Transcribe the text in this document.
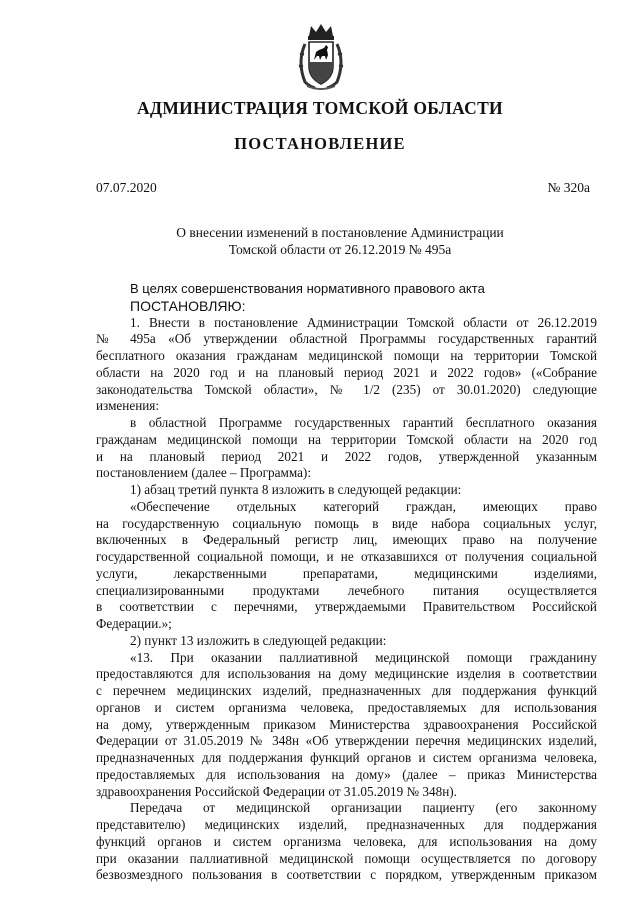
АДМИНИСТРАЦИЯ ТОМСКОЙ ОБЛАСТИ
ПОСТАНОВЛЕНИЕ
07.07.2020	№ 320а
О внесении изменений в постановление Администрации
Томской области от 26.12.2019 № 495а
В целях совершенствования нормативного правового акта
ПОСТАНОВЛЯЮ:
1. Внести в постановление Администрации Томской области от 26.12.2019
№ 495а «Об утверждении областной Программы государственных гарантий
бесплатного оказания гражданам медицинской помощи на территории Томской
области на 2020 год и на плановый период 2021 и 2022 годов» («Собрание
законодательства Томской области», № 1/2 (235) от 30.01.2020) следующие
изменения:
в областной Программе государственных гарантий бесплатного оказания
гражданам медицинской помощи на территории Томской области на 2020 год
и на плановый период 2021 и 2022 годов, утвержденной указанным
постановлением (далее – Программа):
1) абзац третий пункта 8 изложить в следующей редакции:
«Обеспечение отдельных категорий граждан, имеющих право
на государственную социальную помощь в виде набора социальных услуг,
включенных в Федеральный регистр лиц, имеющих право на получение
государственной социальной помощи, и не отказавшихся от получения социальной
услуги, лекарственными препаратами, медицинскими изделиями,
специализированными продуктами лечебного питания осуществляется
в соответствии с перечнями, утверждаемыми Правительством Российской
Федерации.»;
2) пункт 13 изложить в следующей редакции:
«13. При оказании паллиативной медицинской помощи гражданину
предоставляются для использования на дому медицинские изделия в соответствии
с перечнем медицинских изделий, предназначенных для поддержания функций
органов и систем организма человека, предоставляемых для использования
на дому, утвержденным приказом Министерства здравоохранения Российской
Федерации от 31.05.2019 № 348н «Об утверждении перечня медицинских изделий,
предназначенных для поддержания функций органов и систем организма человека,
предоставляемых для использования на дому» (далее – приказ Министерства
здравоохранения Российской Федерации от 31.05.2019 № 348н).
Передача от медицинской организации пациенту (его законному
представителю) медицинских изделий, предназначенных для поддержания
функций органов и систем организма человека, для использования на дому
при оказании паллиативной медицинской помощи осуществляется по договору
безвозмездного пользования в соответствии с порядком, утвержденным приказом
